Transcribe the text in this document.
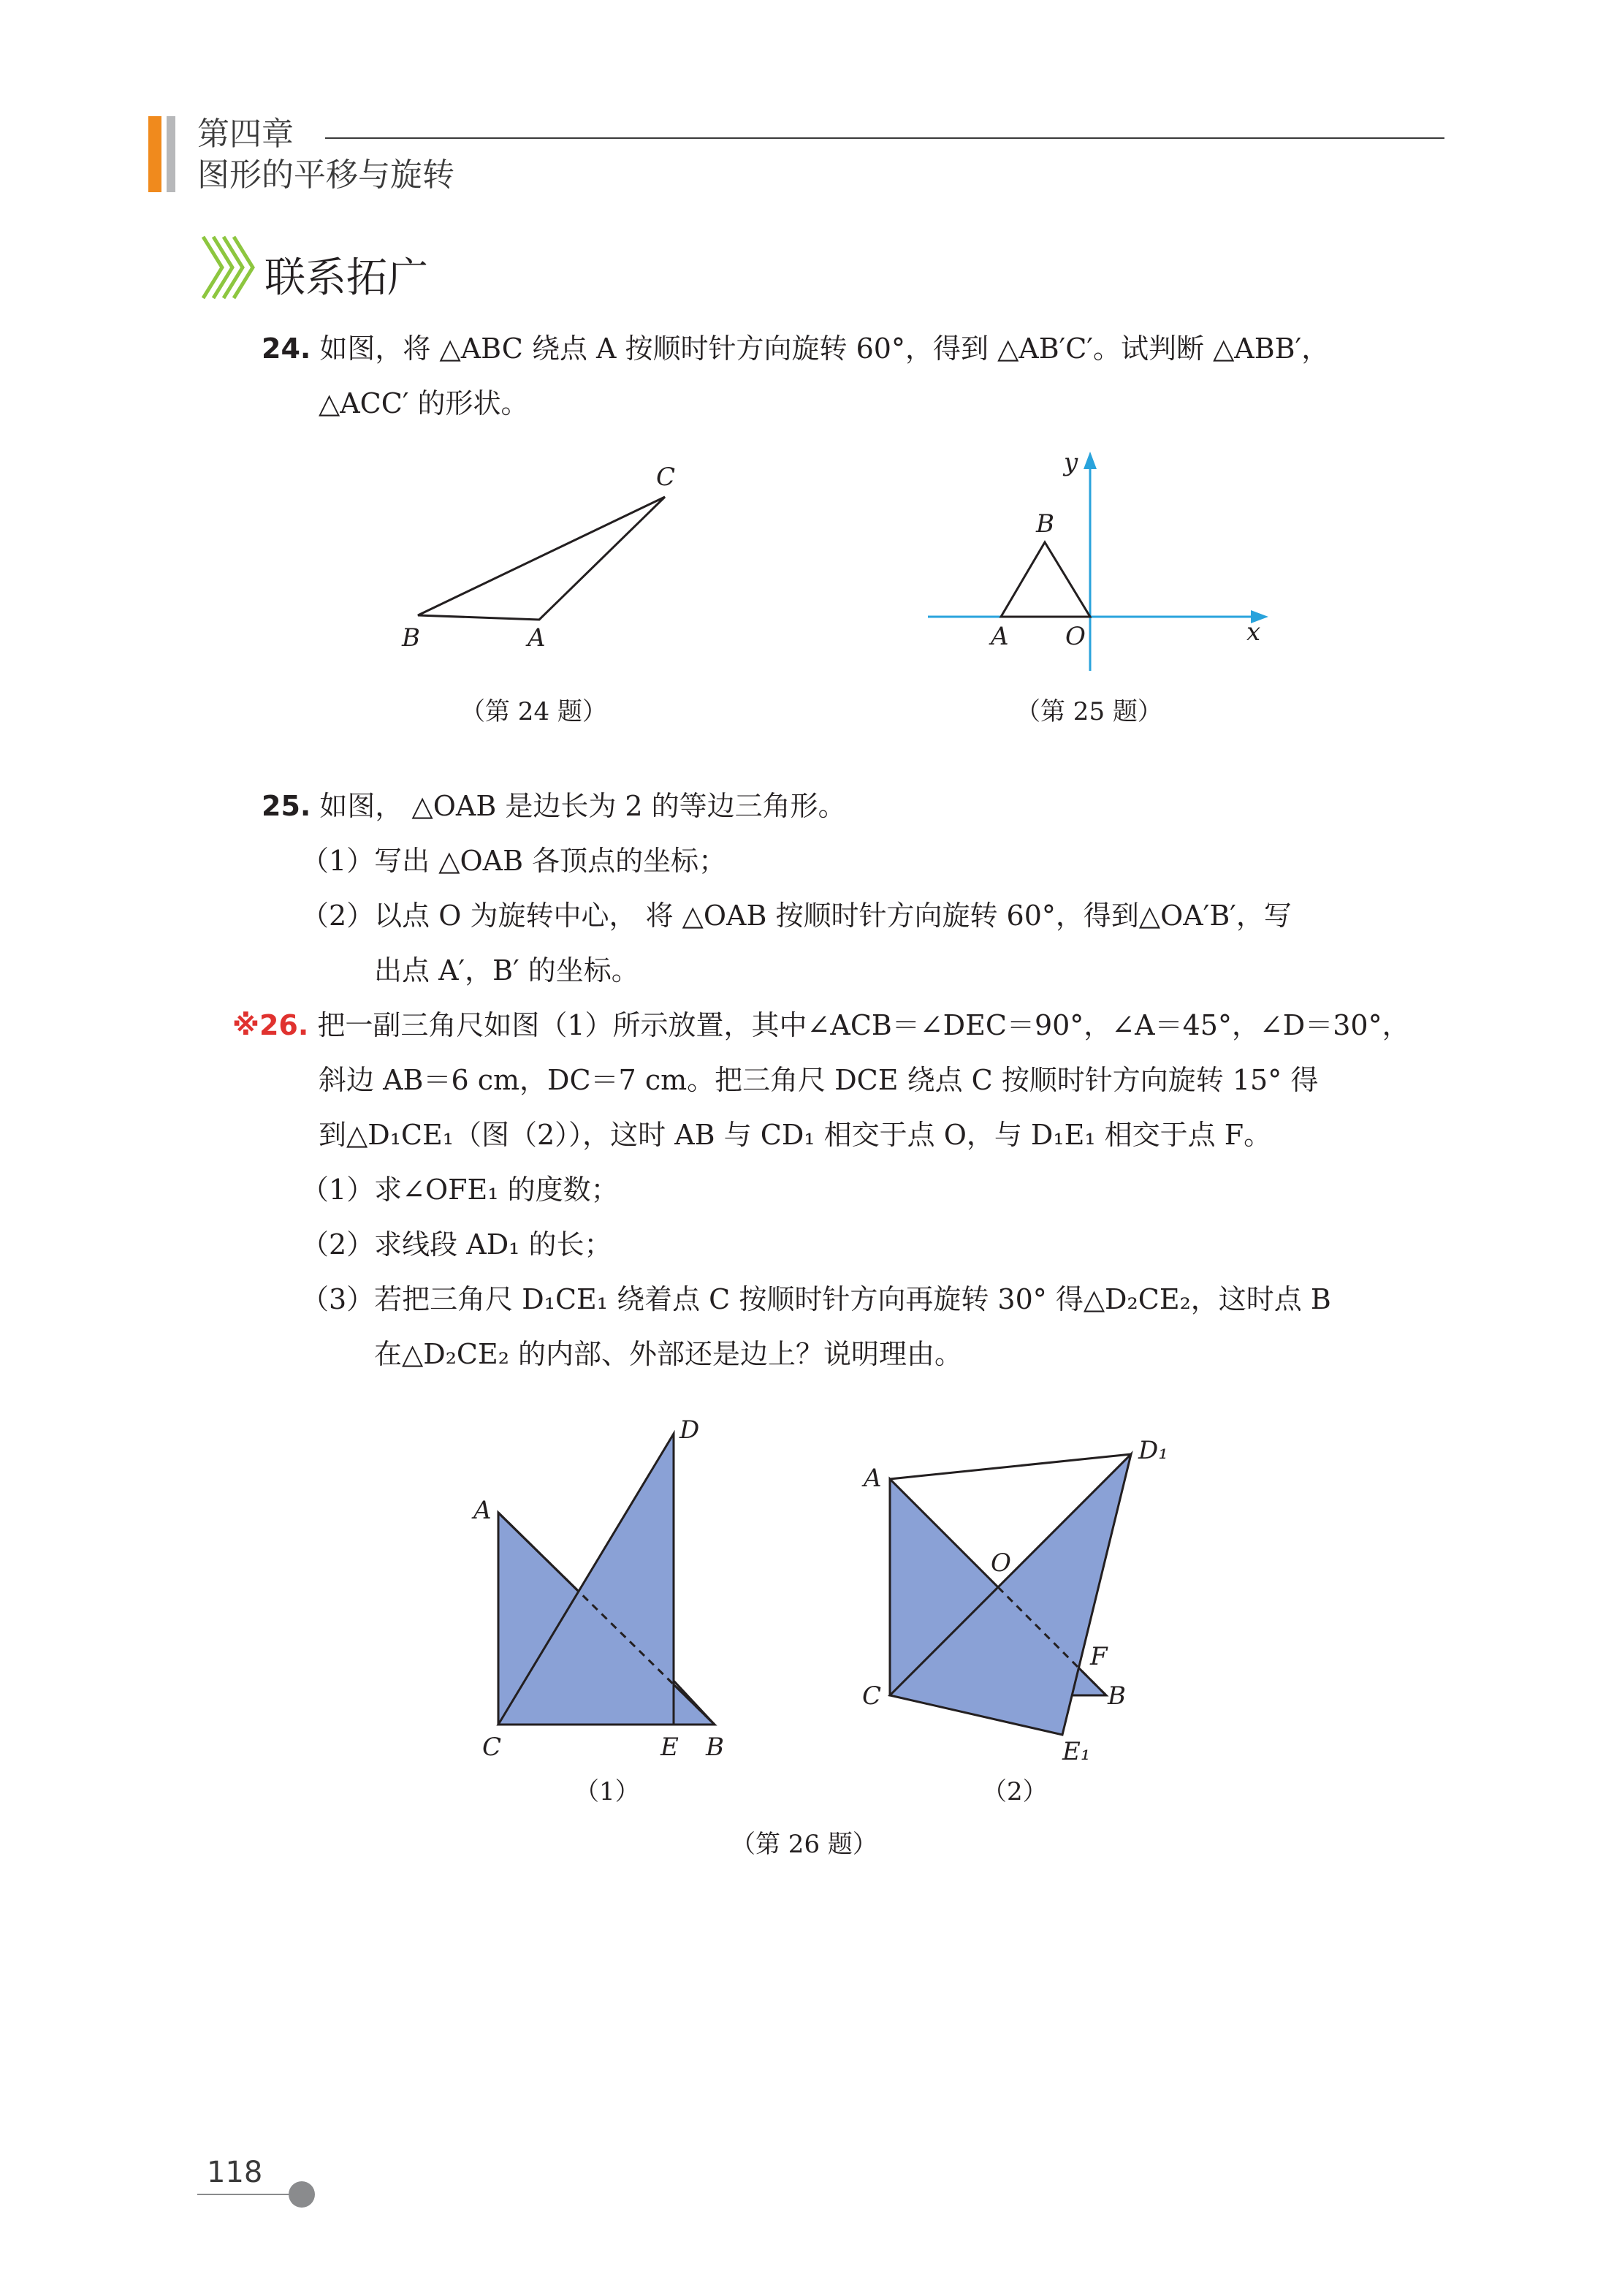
第四章
图形的平移与旋转
联系拓广
24. 如图，将 △ABC 绕点 A 按顺时针方向旋转 60°，得到 △AB′C′。试判断 △ABB′，
△ACC′ 的形状。
B	A
C
（第 24 题）
x
y
B
A O
（第 25 题）
25. 如图， △OAB 是边长为 2 的等边三角形。
（1）写出 △OAB 各顶点的坐标；
（2）以点 O 为旋转中心， 将 △OAB 按顺时针方向旋转 60°，得到△OA′B′，写
出点 A′，B′ 的坐标。
※26. 把一副三角尺如图（1）所示放置，其中∠ACB＝∠DEC＝90°，∠A＝45°，∠D＝30°，
斜边 AB＝6 cm，DC＝7 cm。把三角尺 DCE 绕点 C 按顺时针方向旋转 15° 得
到△D₁CE₁（图（2）），这时 AB 与 CD₁ 相交于点 O，与 D₁E₁ 相交于点 F。
（1）求∠OFE₁ 的度数；
（2）求线段 AD₁ 的长；
（3）若把三角尺 D₁CE₁ 绕着点 C 按顺时针方向再旋转 30° 得△D₂CE₂，这时点 B
在△D₂CE₂ 的内部、外部还是边上？说明理由。
A
D
C	E B
（1）
A
D₁
O
F
C	B
E₁
（2）
（第 26 题）
118
